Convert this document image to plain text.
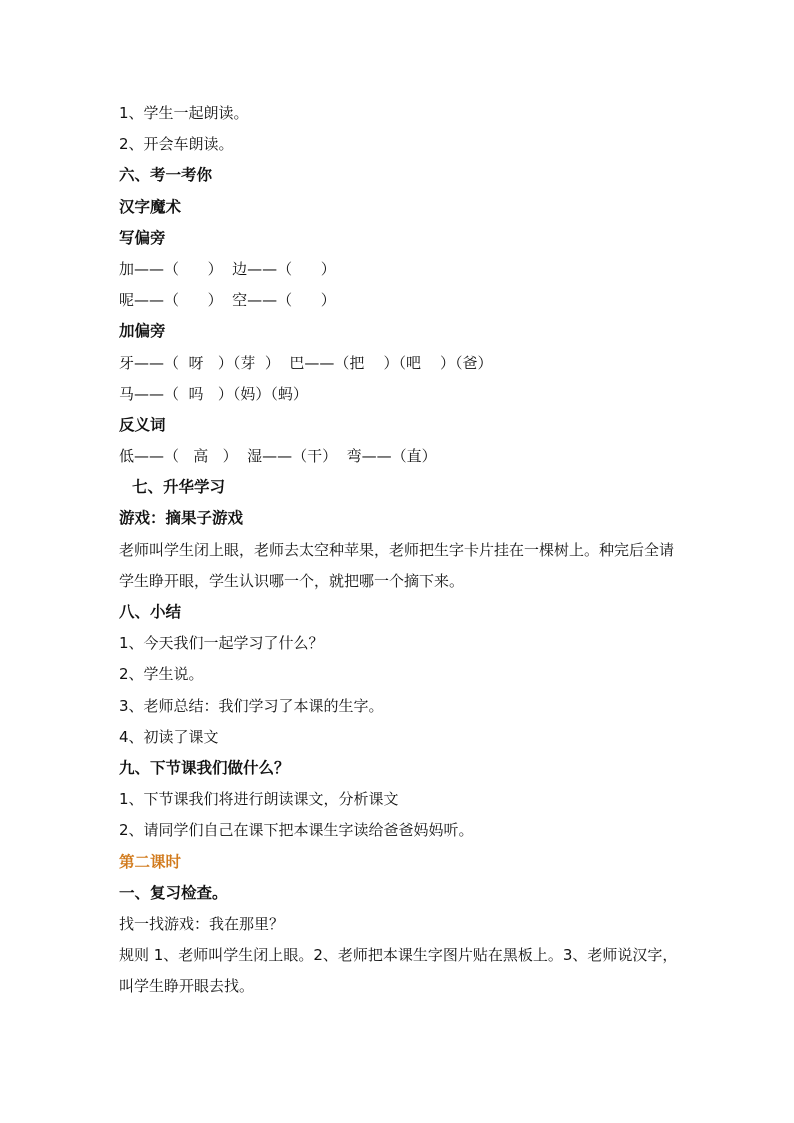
1、学生一起朗读。
2、开会车朗读。
六、考一考你
汉字魔术
写偏旁
加——（      ）  边——（      ）
呢——（      ）  空——（      ）
加偏旁
牙——（  呀   ）（芽  ）  巴——（把    ）（吧    ）（爸）
马——（  吗   ）（妈）（蚂）
反义词
低——（   高   ）  湿——（干）  弯——（直）
七、升华学习
游戏：摘果子游戏
老师叫学生闭上眼，老师去太空种苹果，老师把生字卡片挂在一棵树上。种完后全请学生睁开眼，学生认识哪一个，就把哪一个摘下来。
八、小结
1、今天我们一起学习了什么？
2、学生说。
3、老师总结：我们学习了本课的生字。
4、初读了课文
九、下节课我们做什么？
1、下节课我们将进行朗读课文，分析课文
2、请同学们自己在课下把本课生字读给爸爸妈妈听。
第二课时
一、复习检查。
找一找游戏：我在那里？
规则 1、老师叫学生闭上眼。2、老师把本课生字图片贴在黑板上。3、老师说汉字，叫学生睁开眼去找。
